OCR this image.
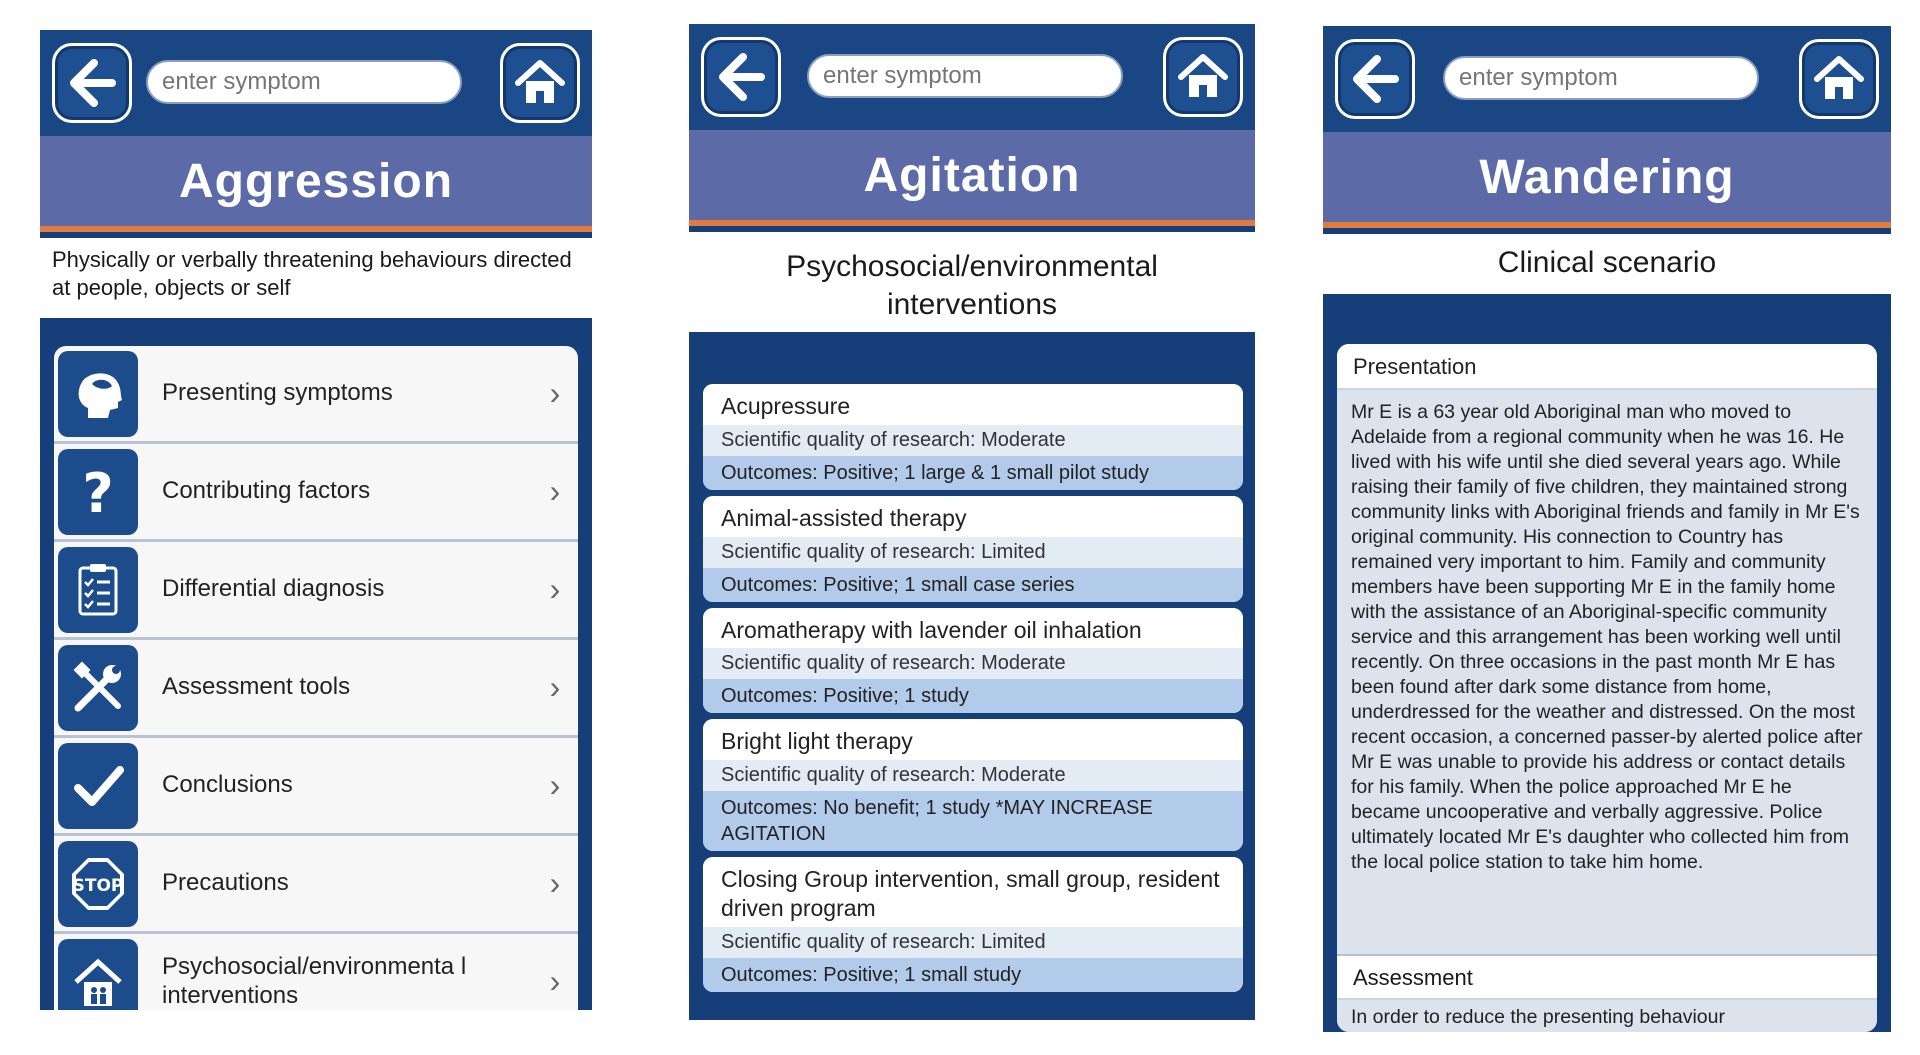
enter symptom
Aggression
Physically or verbally threatening behaviours directed at people, objects or self
Presenting symptoms	›
? Contributing factors	›
Differential diagnosis	›
Assessment tools	›
Conclusions	›
STOP Precautions	›
Psychosocial/environmenta l interventions	›
enter symptom
Agitation
Psychosocial/environmental interventions
Acupressure
Scientific quality of research: Moderate
Outcomes: Positive; 1 large & 1 small pilot study
Animal-assisted therapy
Scientific quality of research: Limited
Outcomes: Positive; 1 small case series
Aromatherapy with lavender oil inhalation
Scientific quality of research: Moderate
Outcomes: Positive; 1 study
Bright light therapy
Scientific quality of research: Moderate
Outcomes: No benefit; 1 study *MAY INCREASE AGITATION
Closing Group intervention, small group, resident driven program
Scientific quality of research: Limited
Outcomes: Positive; 1 small study
enter symptom
Wandering
Clinical scenario
Presentation
Mr E is a 63 year old Aboriginal man who moved to Adelaide from a regional community when he was 16. He lived with his wife until she died several years ago. While raising their family of five children, they maintained strong community links with Aboriginal friends and family in Mr E's original community. His connection to Country has remained very important to him. Family and community members have been supporting Mr E in the family home with the assistance of an Aboriginal-specific community service and this arrangement has been working well until recently. On three occasions in the past month Mr E has been found after dark some distance from home, underdressed for the weather and distressed. On the most recent occasion, a concerned passer-by alerted police after Mr E was unable to provide his address or contact details for his family. When the police approached Mr E he became uncooperative and verbally aggressive. Police ultimately located Mr E's daughter who collected him from the local police station to take him home.
Assessment
In order to reduce the presenting behaviour
